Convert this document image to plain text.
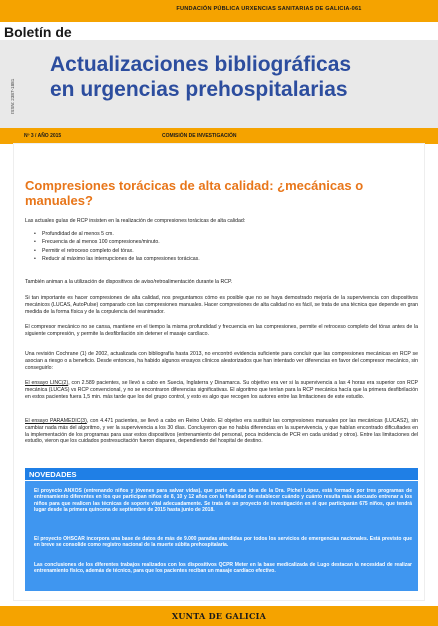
FUNDACIÓN PÚBLICA URXENCIAS SANITARIAS DE GALICIA-061
Boletín de
ISSN: 2387-1881
Actualizaciones bibliográficas
en urgencias prehospitalarias
Nº 3 / AÑO 2015	COMISIÓN DE INVESTIGACIÓN
Compresiones torácicas de alta calidad: ¿mecánicas o manuales?
Las actuales guías de RCP insisten en la realización de compresiones torácicas de alta calidad:
• Profundidad de al menos 5 cm.
• Frecuencia de al menos 100 compresiones/minuto.
• Permitir el retroceso completo del tórax.
• Reducir al máximo las interrupciones de las compresiones torácicas.
También animan a la utilización de dispositivos de aviso/retroalimentación durante la RCP.
Si tan importante es hacer compresiones de alta calidad, nos preguntamos cómo es posible que no se haya demostrado mejoría de la supervivencia con dispositivos mecánicos (LUCAS, AutoPulse) comparado con las compresiones manuales. Hacer compresiones de alta calidad no es fácil, se trata de una técnica que depende en gran medida de la forma física y de la corpulencia del reanimador.
El compresor mecánico no se cansa, mantiene en el tiempo la misma profundidad y frecuencia en las compresiones, permite el retroceso completo del tórax antes de la siguiente compresión, y permite la desfibrilación sin detener el masaje cardíaco.
Una revisión Cochrane (1) de 2002, actualizada con bibliografía hasta 2013, no encontró evidencia suficiente para concluir que las compresiones mecánicas en RCP se asocian a riesgo o a beneficio. Desde entonces, ha habido algunos ensayos clínicos aleatorizados que han intentado ver diferencias en favor del compresor mecánico, sin conseguirlo:
El ensayo LINC(2), con 2.589 pacientes, se llevó a cabo en Suecia, Inglaterra y Dinamarca. Su objetivo era ver si la supervivencia a las 4 horas era superior con RCP mecánica (LUCAS) vs RCP convencional, y no se encontraron diferencias significativas. El algoritmo que tenían para la RCP mecánica hacía que la primera desfibrilación en estos pacientes fuera 1,5 min. más tarde que los del grupo control, y esto es algo que recogen los autores entre las limitaciones de este estudio.
El ensayo PARAMEDIC(3), con 4.471 pacientes, se llevó a cabo en Reino Unido. El objetivo era sustituir las compresiones manuales por las mecánicas (LUCAS2), sin cambiar nada más del algoritmo, y ver la supervivencia a los 30 días. Concluyeron que no había diferencias en la supervivencia, y que habían encontrado dificultades en la implementación de los programas para usar estos dispositivos (entrenamiento del personal, poca incidencia de PCR en cada unidad y otros). Entre las limitaciones del estudio, vieron que los cuidados postresucitación fueron dispares, dependiendo del hospital de destino.
NOVEDADES
El proyecto ANXOS (entrenando niños y jóvenes para salvar vidas), que parte de una idea de la Dra. Pichel López, está formado por tres programas de entrenamiento diferentes en los que participan niños de 8, 10 y 12 años con la finalidad de establecer cuándo y cuánto resulta más adecuado entrenar a los niños para que realicen las técnicas de soporte vital adecuadamente. Se trata de un proyecto de investigación en el que participarán 675 niños, que tendrá lugar desde la primera quincena de septiembre de 2015 hasta junio de 2018.
El proyecto OHSCAR incorpora una base de datos de más de 9.000 paradas atendidas por todos los servicios de emergencias nacionales. Está previsto que en breve se consolide como registro nacional de la muerte súbita prehospitalaria.
Las conclusiones de los diferentes trabajos realizados con los dispositivos QCPR Meter en la base medicalizada de Lugo destacan la necesidad de realizar entrenamiento físico, además de técnico, para que los pacientes reciban un masaje cardíaco efectivo.
XUNTA DE GALICIA
